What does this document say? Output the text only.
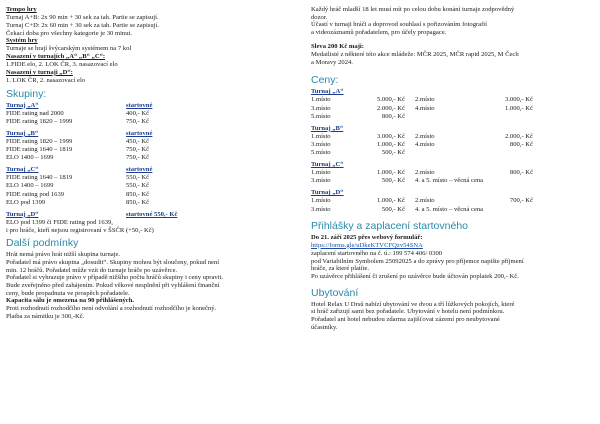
Tempo hry
Turnaj A+B: 2x 90 min + 30 sek za tah. Partie se zapisují.
Turnaj C+D: 2x 60 min + 30 sek za tah. Partie se zapisují.
Čekací doba pro všechny kategorie je 30 minut.
Systém hry
Turnaje se hrají švýcarským systémem na 7 kol
Nasazení v turnajích „A“ „B“ „C“:
1.FIDE elo, 2. LOK ČR, 3. nasazovací elo
Nasazení v turnaji „D“:
1. LOK ČR, 2. nasazovací elo
Skupiny:
Turnaj „A“	startovné
FIDE rating nad 2000	400,- Kč
FIDE rating 1820 – 1999	750,- Kč
Turnaj „B“	startovné
FIDE rating 1820 – 1999	450,- Kč
FIDE rating 1640 – 1819	750,- Kč
ELO 1400 – 1699	750,- Kč
Turnaj „C“	startovné
FIDE rating 1640 – 1819	550,- Kč
ELO 1400 – 1699	550,- Kč
FIDE rating pod 1639	850,- Kč
ELO pod 1399	850,- Kč
Turnaj „D“	startovné 550,- Kč
ELO pod 1399 či FIDE rating pod 1639,
i pro hráče, kteří nejsou registrovaní v ŠSČR (+50,- Kč)
Další podmínky
Hrát nemá právo hrát nižší skupina turnaje.
Pořadatel má právo skupina „dosudit“. Skupiny mohou být sloučeny, pokud není
min. 12 hráčů. Pořadatel může vzít do turnaje hráče po uzávěrce.
Pořadatel si vyhrazuje právo v případě nižšího počtu hráčů skupiny i ceny upravit.
Bude zveřejněno před zahájením. Pokud věkové nesplnění při vyhlášení finanční
ceny, bude propadnuta ve prospěch pořadatele.
Kapacita sálu je omezena na 90 přihlášených.
Proti rozhodnutí rozhodčího není odvolání a rozhodnutí rozhodčího je konečný.
Platba za námitku je 300,-Kč.
Každý hráč mladší 18 let musí mít po celou dobu konání turnaje zodpovědný
dozor.
Účastí v turnaji hráči a doprovod souhlasí s pořizováním fotografií
a videozáznamů pořadatelem, pro účely propagace.
Sleva 200 Kč mají:
Medailisté z některé této akce mládeže: MČR 2025, MČR rapid 2025, M Čech
a Moravy 2024.
Ceny:
Turnaj „A“
1.místo	5.000,- Kč	2.místo	3.000,- Kč
3.místo	2.000,- Kč	4.místo	1.000,- Kč
5.místo	800,- Kč
Turnaj „B“
1.místo	3.000,- Kč	2.místo	2.000,- Kč
3.místo	1.000,- Kč	4.místo	800,- Kč
5.místo	500,- Kč
Turnaj „C“
1.místo	1.000,- Kč	2.místo	800,- Kč
3.místo	500,- Kč	4. a 5. místo – věcná cena
Turnaj „D“
1.místo	1.000,- Kč	2.místo	700,- Kč
3.místo	500,- Kč	4. a 5. místo – věcná cena
Přihlášky a zaplacení startovného
Do 21. září 2025 přes webový formulář:
https://forms.gle/uDkeKTVCFQzv54SNA
zaplacení startovného na č. ú.: 199 574 406/ 0300
pod Variabilním Symbolem 25092025 a do zprávy pro příjemce napište příjmení
hráče, za které platíte.
Po uzávěrce přihlášení či zrušení po uzávěrce bude účtován poplatek 200,- Kč.
Ubytování
Hotel Relax U Drsů nabízí ubytování ve dvou a tří lůžkových pokojích, které
si hráč zařizují sami bez pořadatele. Ubytování v hotelu není podmínkou.
Pořadatel ani hotel nebudou zdarma zajišťovat zázemí pro neubytované
účastníky.
